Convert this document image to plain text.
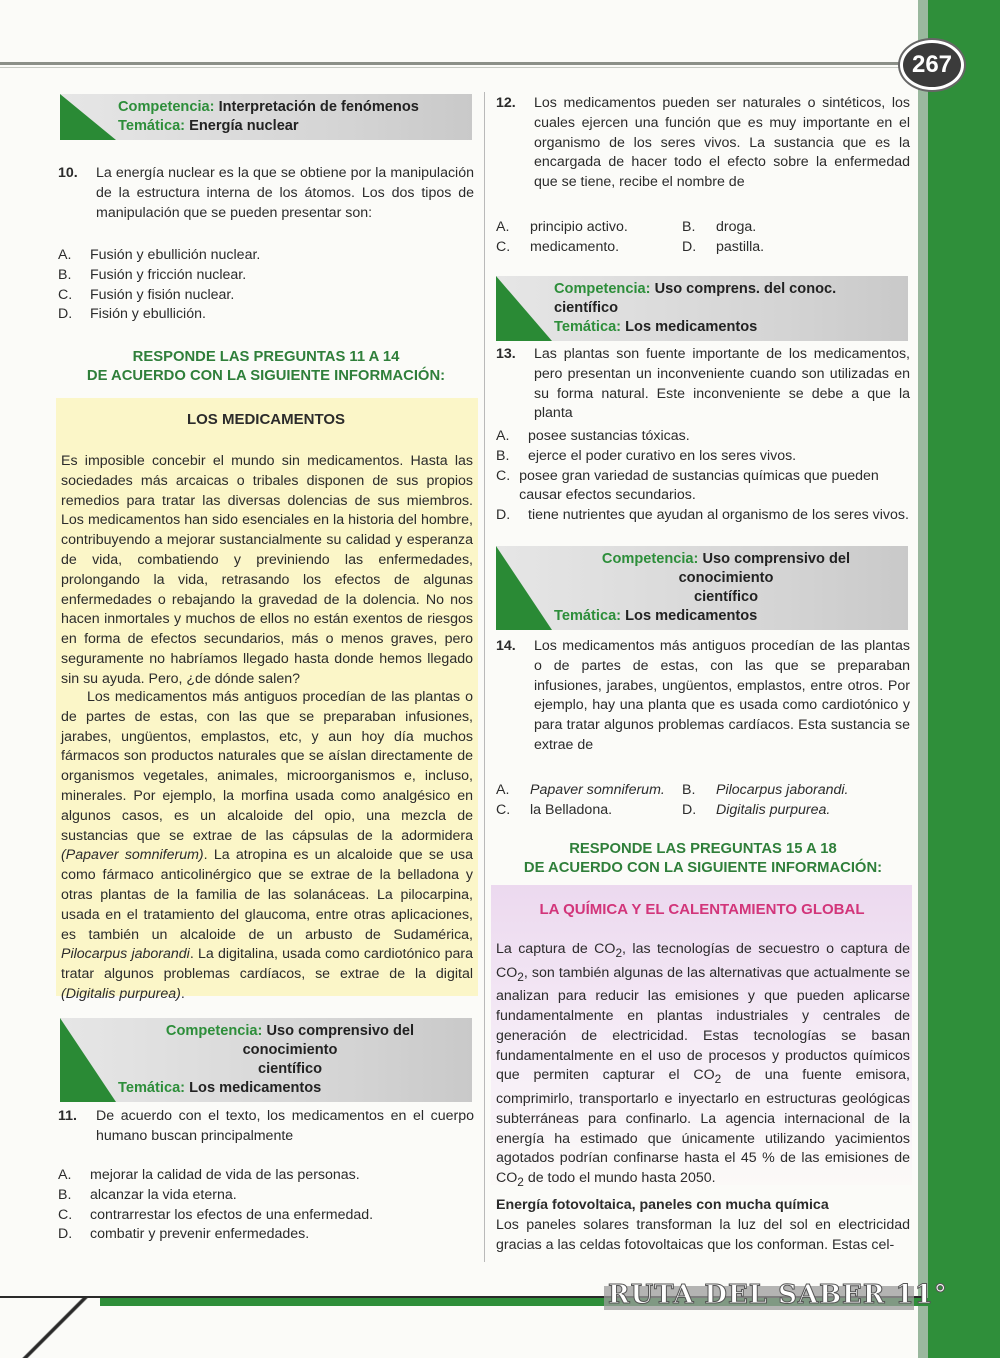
267
Competencia: Interpretación de fenómenos
Temática: Energía nuclear
10. La energía nuclear es la que se obtiene por la manipulación de la estructura interna de los átomos. Los dos tipos de manipulación que se pueden presentar son:
A.	Fusión y ebullición nuclear.
B.	Fusión y fricción nuclear.
C.	Fusión y fisión nuclear.
D.	Fisión y ebullición.
RESPONDE LAS PREGUNTAS 11 A 14
DE ACUERDO CON LA SIGUIENTE INFORMACIÓN:
LOS MEDICAMENTOS
Es imposible concebir el mundo sin medicamentos. Hasta las sociedades más arcaicas o tribales disponen de sus propios remedios para tratar las diversas dolencias de sus miembros. Los medicamentos han sido esenciales en la historia del hombre, contribuyendo a mejorar sustancialmente su calidad y esperanza de vida, combatiendo y previniendo las enfermedades, prolongando la vida, retrasando los efectos de algunas enfermedades o rebajando la gravedad de la dolencia. No nos hacen inmortales y muchos de ellos no están exentos de riesgos en forma de efectos secundarios, más o menos graves, pero seguramente no habríamos llegado hasta donde hemos llegado sin su ayuda. Pero, ¿de dónde salen?
Los medicamentos más antiguos procedían de las plantas o de partes de estas, con las que se preparaban infusiones, jarabes, ungüentos, emplastos, etc, y aun hoy día muchos fármacos son productos naturales que se aíslan directamente de organismos vegetales, animales, microorganismos e, incluso, minerales. Por ejemplo, la morfina usada como analgésico en algunos casos, es un alcaloide del opio, una mezcla de sustancias que se extrae de las cápsulas de la adormidera (Papaver somniferum). La atropina es un alcaloide que se usa como fármaco anticolinérgico que se extrae de la belladona y otras plantas de la familia de las solanáceas. La pilocarpina, usada en el tratamiento del glaucoma, entre otras aplicaciones, es también un alcaloide de un arbusto de Sudamérica, Pilocarpus jaborandi. La digitalina, usada como cardiotónico para tratar algunos problemas cardíacos, se extrae de la digital (Digitalis purpurea).
Competencia: Uso comprensivo del conocimiento
científico
Temática: Los medicamentos
11. De acuerdo con el texto, los medicamentos en el cuerpo humano buscan principalmente
A.	mejorar la calidad de vida de las personas.
B.	alcanzar la vida eterna.
C.	contrarrestar los efectos de una enfermedad.
D.	combatir y prevenir enfermedades.
12. Los medicamentos pueden ser naturales o sintéticos, los cuales ejercen una función que es muy importante en el organismo de los seres vivos. La sustancia que es la encargada de hacer todo el efecto sobre la enfermedad que se tiene, recibe el nombre de
A.	principio activo.	B.	droga.
C.	medicamento.	D.	pastilla.
Competencia: Uso comprens. del conoc. científico
Temática: Los medicamentos
13. Las plantas son fuente importante de los medicamentos, pero presentan un inconveniente cuando son utilizadas en su forma natural. Este inconveniente se debe a que la planta
A.	posee sustancias tóxicas.
B.	ejerce el poder curativo en los seres vivos.
C. posee gran variedad de sustancias químicas que pueden causar efectos secundarios.
D.	tiene nutrientes que ayudan al organismo de los seres vivos.
Competencia: Uso comprensivo del conocimiento
científico
Temática: Los medicamentos
14. Los medicamentos más antiguos procedían de las plantas o de partes de estas, con las que se preparaban infusiones, jarabes, ungüentos, emplastos, entre otros. Por ejemplo, hay una planta que es usada como cardiotónico y para tratar algunos problemas cardíacos. Esta sustancia se extrae de
A.	Papaver somniferum. B.	Pilocarpus jaborandi.
C.	la Belladona.	D.	Digitalis purpurea.
RESPONDE LAS PREGUNTAS 15 A 18
DE ACUERDO CON LA SIGUIENTE INFORMACIÓN:
LA QUÍMICA Y EL CALENTAMIENTO GLOBAL
La captura de $CO_2$, las tecnologías de secuestro o captura de $CO_2$, son también algunas de las alternativas que actualmente se analizan para reducir las emisiones y que pueden aplicarse fundamentalmente en plantas industriales y centrales de generación de electricidad. Estas tecnologías se basan fundamentalmente en el uso de procesos y productos químicos que permiten capturar el $CO_2$ de una fuente emisora, comprimirlo, transportarlo e inyectarlo en estructuras geológicas subterráneas para confinarlo. La agencia internacional de la energía ha estimado que únicamente utilizando yacimientos agotados podrían confinarse hasta el 45 % de las emisiones de $CO_2$ de todo el mundo hasta 2050.
Energía fotovoltaica, paneles con mucha química
Los paneles solares transforman la luz del sol en electricidad gracias a las celdas fotovoltaicas que los conforman. Estas cel-
RUTA DEL SABER 11°
